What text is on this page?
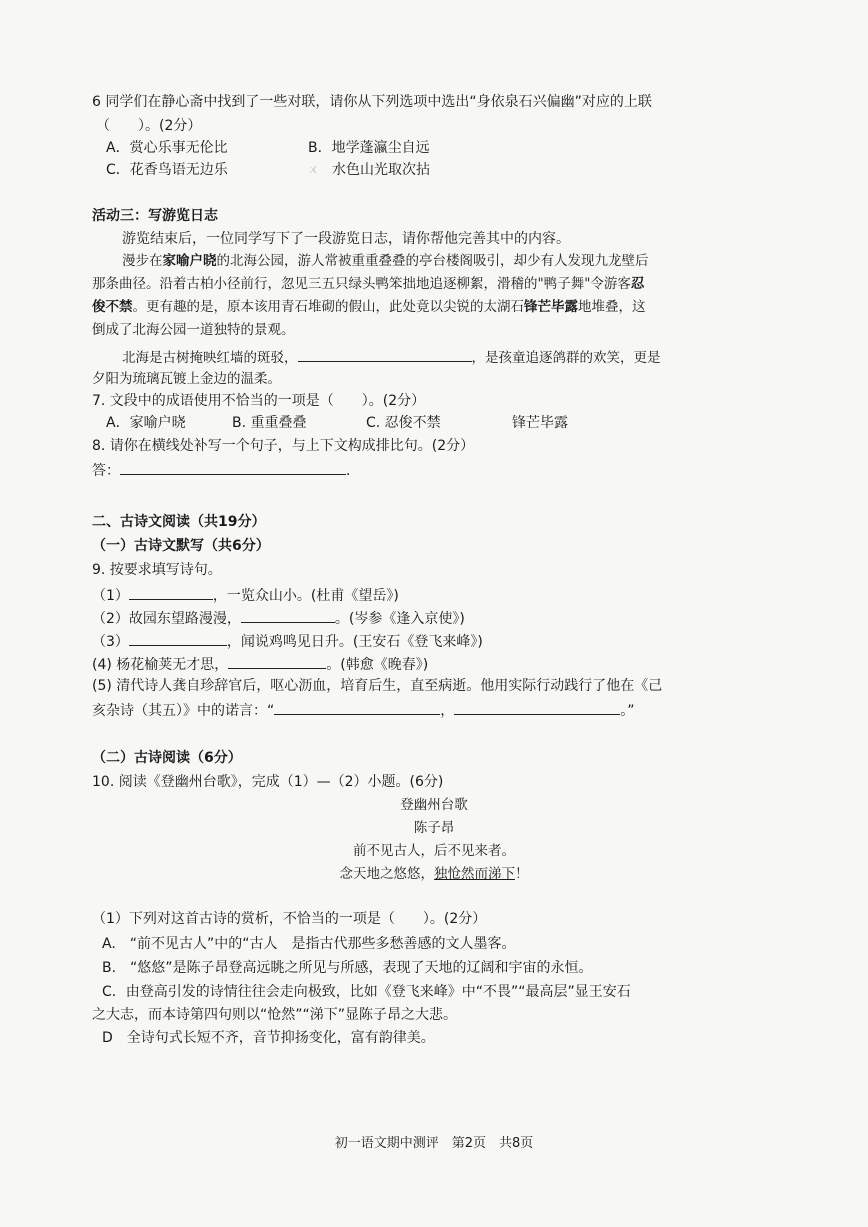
6 同学们在静心斋中找到了一些对联，请你从下列选项中选出“身依泉石兴偏幽”对应的上联
（　　）。(2分）
A．赏心乐事无伦比	B．地学蓬瀛尘自远
C．花香鸟语无边乐	ㄨ 水色山光取次拈
活动三：写游览日志
游览结束后，一位同学写下了一段游览日志，请你帮他完善其中的内容。
漫步在家喻户晓的北海公园，游人常被重重叠叠的亭台楼阁吸引，却少有人发现九龙壁后
那条曲径。沿着古柏小径前行，忽见三五只绿头鸭笨拙地追逐柳絮，滑稽的"鸭子舞"令游客忍
俊不禁。更有趣的是，原本该用青石堆砌的假山，此处竟以尖锐的太湖石锋芒毕露地堆叠，这
倒成了北海公园一道独特的景观。
北海是古树掩映红墙的斑驳，	，是孩童追逐鸽群的欢笑，更是
夕阳为琉璃瓦镀上金边的温柔。
7. 文段中的成语使用不恰当的一项是（　　）。(2分）
A．家喻户晓	B. 重重叠叠	C. 忍俊不禁	锋芒毕露
8. 请你在横线处补写一个句子，与上下文构成排比句。(2分）
答：	.
二、古诗文阅读（共19分）
（一）古诗文默写（共6分）
9. 按要求填写诗句。
（1）	，一览众山小。(杜甫《望岳》)
（2）故园东望路漫漫，	。(岑参《逢入京使》)
（3）	，闻说鸡鸣见日升。(王安石《登飞来峰》)
(4) 杨花榆荚无才思，	。(韩愈《晚春》)
(5) 清代诗人龚自珍辞官后，呕心沥血，培育后生，直至病逝。他用实际行动践行了他在《己
亥杂诗（其五）》中的诺言：“	，	。”
（二）古诗阅读（6分）
10. 阅读《登幽州台歌》，完成（1）—（2）小题。(6分)
登幽州台歌
陈子昂
前不见古人，后不见来者。
念天地之悠悠，独怆然而涕下！
（1）下列对这首古诗的赏析，不恰当的一项是（　　）。(2分）
A.　“前不见古人”中的“古人　是指古代那些多愁善感的文人墨客。
B.　“悠悠”是陈子昂登高远眺之所见与所感，表现了天地的辽阔和宇宙的永恒。
C．由登高引发的诗情往往会走向极致，比如《登飞来峰》中“不畏”“最高层”显王安石
之大志，而本诗第四句则以“怆然”“涕下”显陈子昂之大悲。
D　全诗句式长短不齐，音节抑扬变化，富有韵律美。
初一语文期中测评　第2页　共8页
